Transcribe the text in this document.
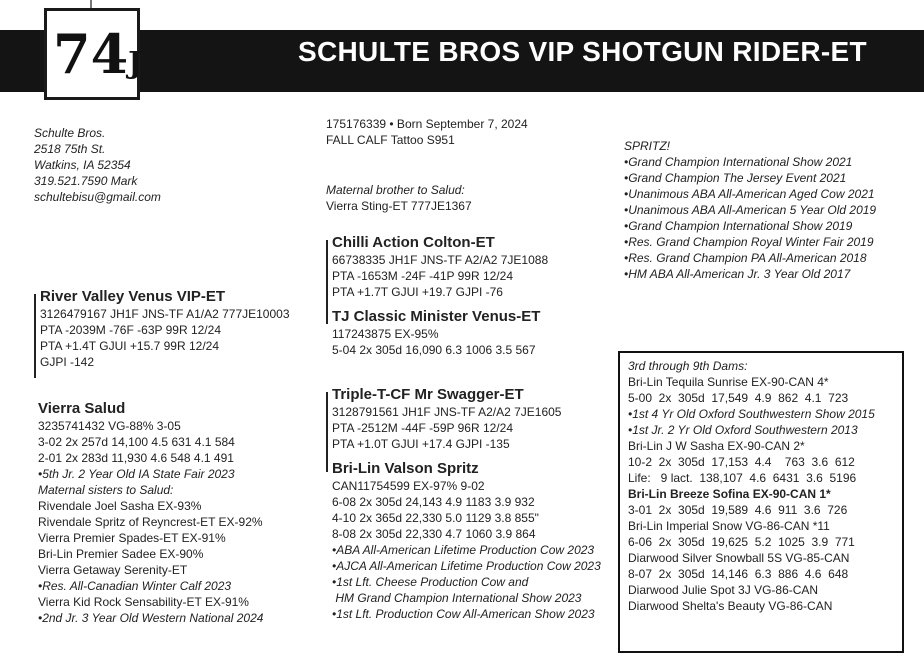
SCHULTE BROS VIP SHOTGUN RIDER-ET
74J
Schulte Bros.
2518 75th St.
Watkins, IA 52354
319.521.7590 Mark
schultebisu@gmail.com
175176339 • Born September 7, 2024
FALL CALF Tattoo S951
Maternal brother to Salud:
Vierra Sting-ET 777JE1367
River Valley Venus VIP-ET
3126479167 JH1F JNS-TF A1/A2 777JE10003
PTA -2039M -76F -63P 99R 12/24
PTA +1.4T GJUI +15.7 99R 12/24
GJPI -142
Vierra Salud
3235741432 VG-88% 3-05
3-02 2x 257d 14,100 4.5 631 4.1 584
2-01 2x 283d 11,930 4.6 548 4.1 491
•5th Jr. 2 Year Old IA State Fair 2023
Maternal sisters to Salud:
Rivendale Joel Sasha EX-93%
Rivendale Spritz of Reyncrest-ET EX-92%
Vierra Premier Spades-ET EX-91%
Bri-Lin Premier Sadee EX-90%
Vierra Getaway Serenity-ET
•Res. All-Canadian Winter Calf 2023
Vierra Kid Rock Sensability-ET EX-91%
•2nd Jr. 3 Year Old Western National 2024
Chilli Action Colton-ET
66738335 JH1F JNS-TF A2/A2 7JE1088
PTA -1653M -24F -41P 99R 12/24
PTA +1.7T GJUI +19.7 GJPI -76
TJ Classic Minister Venus-ET
117243875 EX-95%
5-04 2x 305d 16,090 6.3 1006 3.5 567
Triple-T-CF Mr Swagger-ET
3128791561 JH1F JNS-TF A2/A2 7JE1605
PTA -2512M -44F -59P 96R 12/24
PTA +1.0T GJUI +17.4 GJPI -135
Bri-Lin Valson Spritz
CAN11754599 EX-97% 9-02
6-08 2x 305d 24,143 4.9 1183 3.9 932
4-10 2x 365d 22,330 5.0 1129 3.8 855"
8-08 2x 305d 22,330 4.7 1060 3.9 864
•ABA All-American Lifetime Production Cow 2023
•AJCA All-American Lifetime Production Cow 2023
•1st Lft. Cheese Production Cow and
HM Grand Champion International Show 2023
•1st Lft. Production Cow All-American Show 2023
SPRITZ!
•Grand Champion International Show 2021
•Grand Champion The Jersey Event 2021
•Unanimous ABA All-American Aged Cow 2021
•Unanimous ABA All-American 5 Year Old 2019
•Grand Champion International Show 2019
•Res. Grand Champion Royal Winter Fair 2019
•Res. Grand Champion PA All-American 2018
•HM ABA All-American Jr. 3 Year Old 2017
3rd through 9th Dams:
Bri-Lin Tequila Sunrise EX-90-CAN 4*
5-00  2x  305d  17,549  4.9  862  4.1  723
•1st 4 Yr Old Oxford Southwestern Show 2015
•1st Jr. 2 Yr Old Oxford Southwestern 2013
Bri-Lin J W Sasha EX-90-CAN 2*
10-2  2x  305d  17,153  4.4    763  3.6  612
Life:   9 lact.  138,107  4.6  6431  3.6  5196
Bri-Lin Breeze Sofina EX-90-CAN 1*
3-01  2x  305d  19,589  4.6  911  3.6  726
Bri-Lin Imperial Snow VG-86-CAN *11
6-06  2x  305d  19,625  5.2  1025  3.9  771
Diarwood Silver Snowball 5S VG-85-CAN
8-07  2x  305d  14,146  6.3  886  4.6  648
Diarwood Julie Spot 3J VG-86-CAN
Diarwood Shelta's Beauty VG-86-CAN
